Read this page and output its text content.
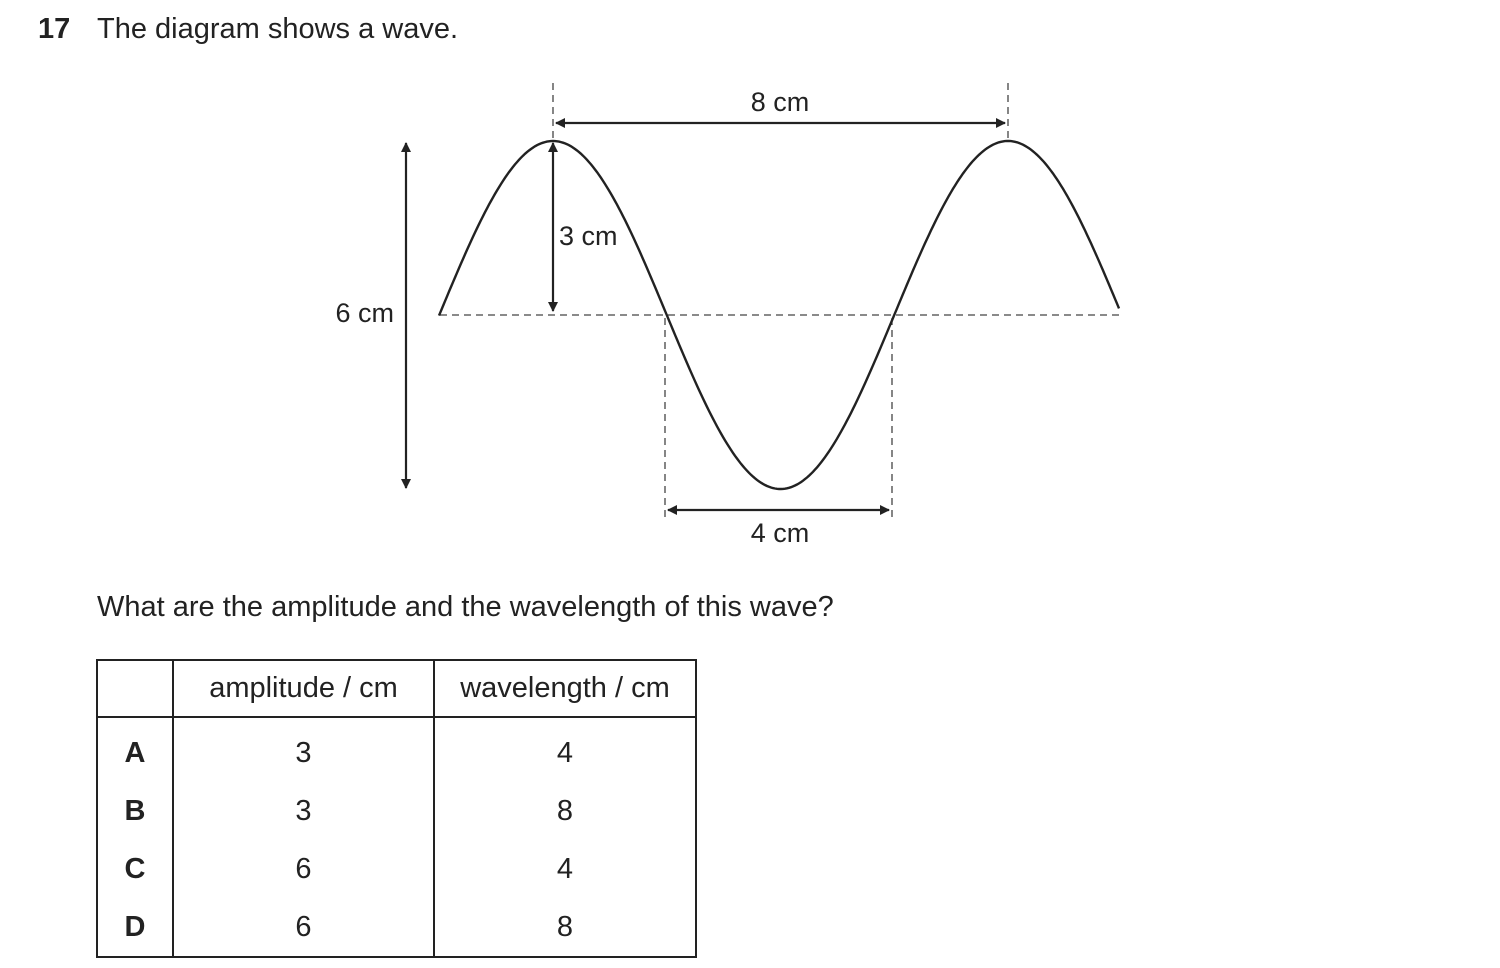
17 The diagram shows a wave.
8 cm
3 cm
6 cm
4 cm
What are the amplitude and the wavelength of this wave?
	amplitude / cm	wavelength / cm
A	3	4
B	3	8
C	6	4
D	6	8
